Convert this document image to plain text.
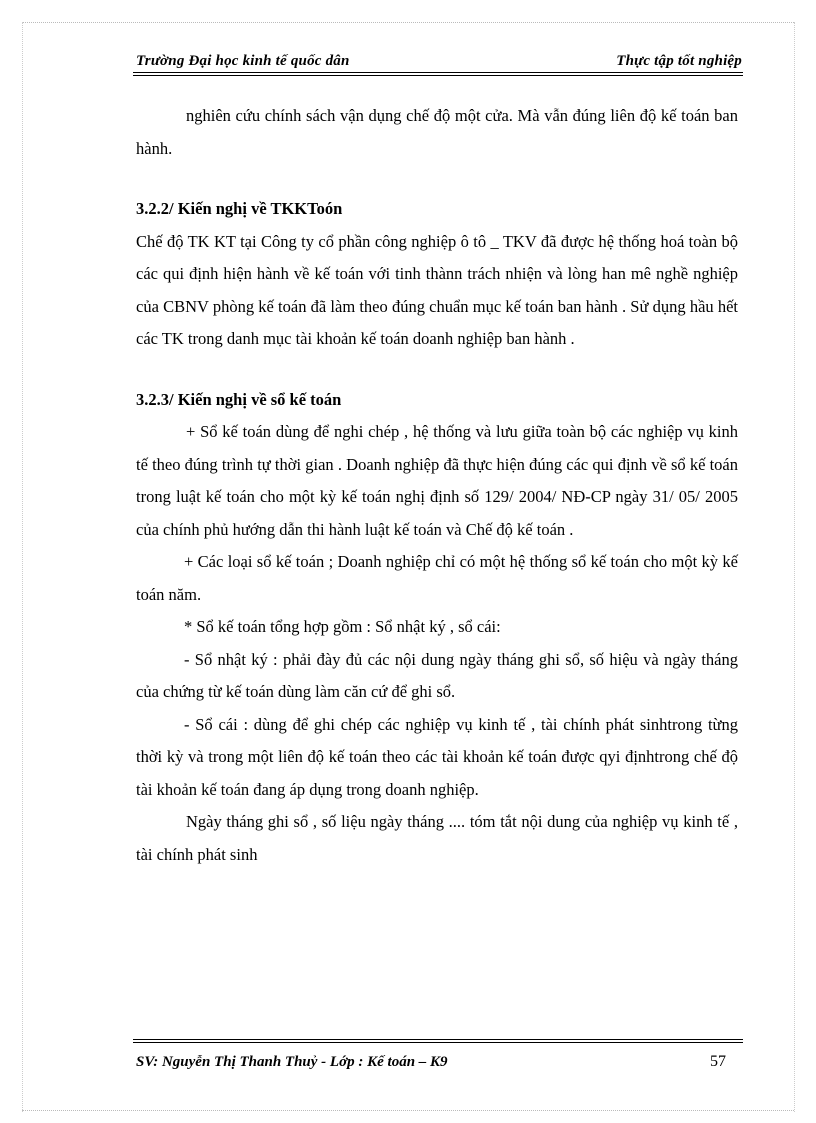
Trường Đại học kinh tế quốc dân	Thực tập tốt nghiệp

nghiên cứu chính sách vận dụng chế độ một cửa. Mà vẫn đúng liên độ kế toán ban hành.

3.2.2/ Kiến nghị về TKKToón

Chế độ TK KT tại Công ty cổ phần công nghiệp ô tô _ TKV đã được hệ thống hoá toàn bộ các qui định hiện hành về kế toán với tinh thànn trách nhiện và lòng han mê nghề nghiệp của CBNV phòng kế toán đã làm theo đúng chuẩn mục kế toán ban hành . Sử dụng hầu hết các TK trong danh mục tài khoản kế toán doanh nghiệp ban hành .

3.2.3/ Kiến nghị về sổ kế toán

+ Sổ kế toán dùng để nghi chép , hệ thống và lưu giữa toàn bộ các nghiệp vụ kinh tế theo đúng trình tự thời gian . Doanh nghiệp đã thực hiện đúng các qui định về sổ kế toán trong luật kế toán cho một kỳ kế toán nghị định số 129/ 2004/ NĐ-CP ngày 31/ 05/ 2005 của chính phủ hướng dẫn thi hành luật kế toán và Chế độ kế toán .

+ Các loại sổ kế toán ; Doanh nghiệp chỉ có một hệ thống sổ kế toán cho một kỳ kế toán năm.

* Sổ kế toán tổng hợp gồm : Sổ nhật ký , sổ cái:

- Sổ nhật ký : phải đày đủ các nội dung ngày tháng ghi sổ, số hiệu và ngày tháng của chứng từ kế toán dùng làm căn cứ để ghi sổ.

- Sổ cái : dùng để ghi chép các nghiệp vụ kinh tế , tài chính phát sinhtrong từng thời kỳ và trong một liên độ kế toán theo các tài khoản kế toán được qyi địnhtrong chế độ tài khoản kế toán đang áp dụng trong doanh nghiệp.

Ngày tháng ghi sổ , số liệu ngày tháng .... tóm tắt nội dung của nghiệp vụ kinh tế , tài chính phát sinh

SV: Nguyễn Thị Thanh Thuỷ - Lớp : Kế toán – K9	57
